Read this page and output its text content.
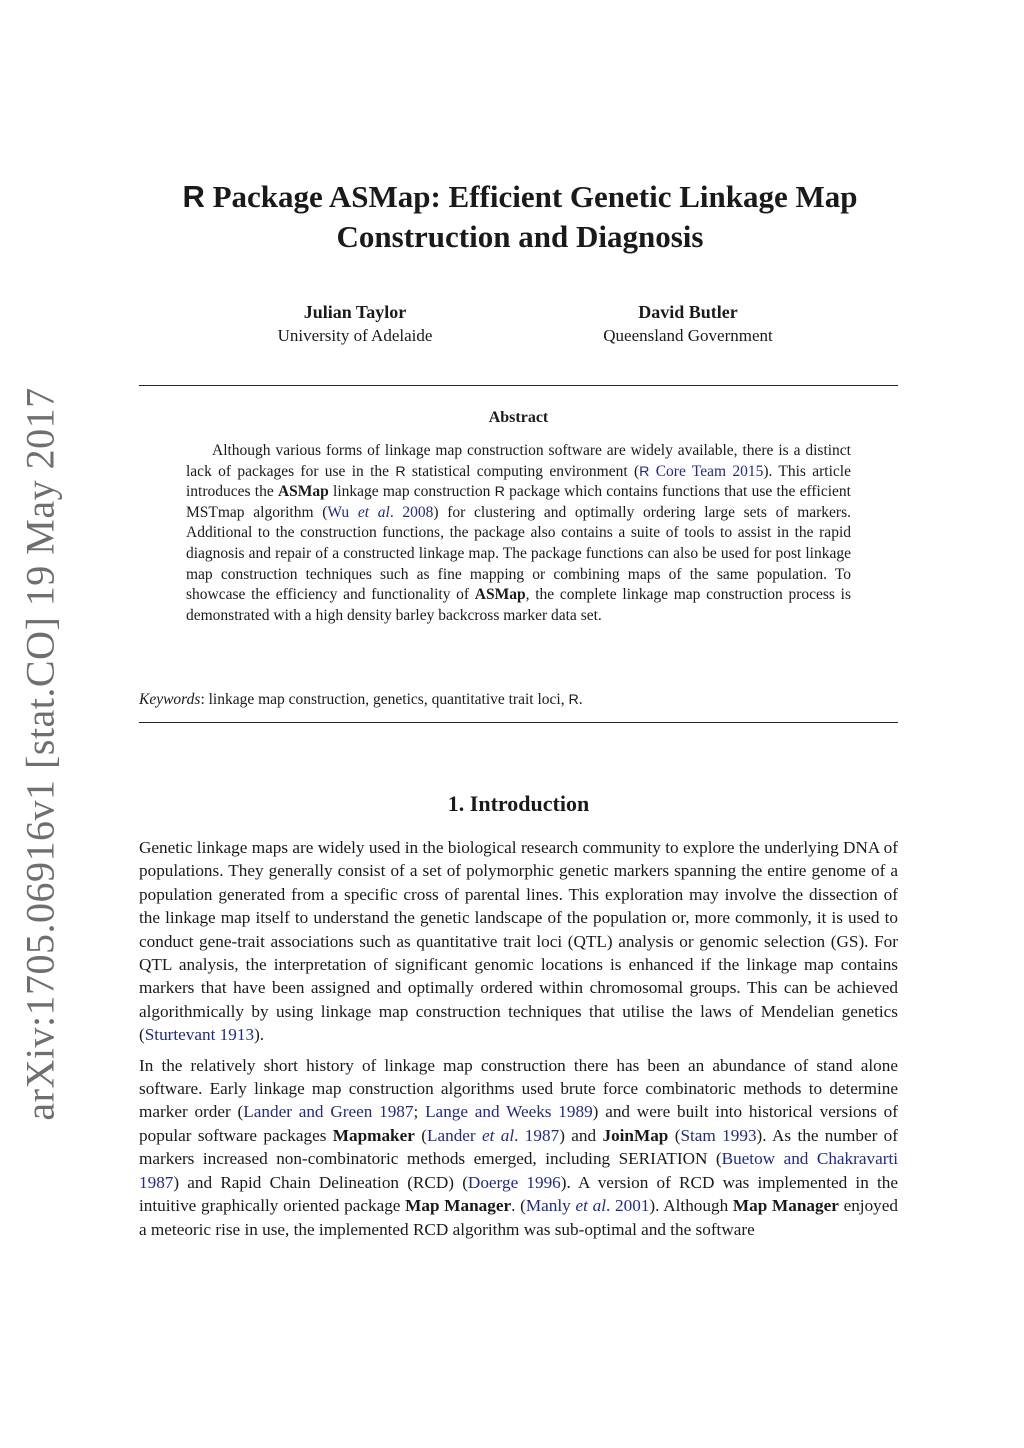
arXiv:1705.06916v1 [stat.CO] 19 May 2017
R Package ASMap: Efficient Genetic Linkage Map
Construction and Diagnosis
Julian Taylor
University of Adelaide
David Butler
Queensland Government
Abstract

Although various forms of linkage map construction software are widely available, there is a distinct lack of packages for use in the R statistical computing environment (R Core Team 2015). This article introduces the ASMap linkage map construction R package which contains functions that use the efficient MSTmap algorithm (Wu et al. 2008) for clustering and optimally ordering large sets of markers. Additional to the construction functions, the package also contains a suite of tools to assist in the rapid diagnosis and repair of a constructed linkage map. The package functions can also be used for post linkage map construction techniques such as fine mapping or combining maps of the same population. To showcase the efficiency and functionality of ASMap, the complete linkage map construction process is demonstrated with a high density barley backcross marker data set.

Keywords: linkage map construction, genetics, quantitative trait loci, R.
1. Introduction

Genetic linkage maps are widely used in the biological research community to explore the underlying DNA of populations. They generally consist of a set of polymorphic genetic markers spanning the entire genome of a population generated from a specific cross of parental lines. This exploration may involve the dissection of the linkage map itself to understand the genetic landscape of the population or, more commonly, it is used to conduct gene-trait associations such as quantitative trait loci (QTL) analysis or genomic selection (GS). For QTL analysis, the interpretation of significant genomic locations is enhanced if the linkage map contains markers that have been assigned and optimally ordered within chromosomal groups. This can be achieved algorithmically by using linkage map construction techniques that utilise the laws of Mendelian genetics (Sturtevant 1913).

In the relatively short history of linkage map construction there has been an abundance of stand alone software. Early linkage map construction algorithms used brute force combinatoric methods to determine marker order (Lander and Green 1987; Lange and Weeks 1989) and were built into historical versions of popular software packages Mapmaker (Lander et al. 1987) and JoinMap (Stam 1993). As the number of markers increased non-combinatoric methods emerged, including SERIATION (Buetow and Chakravarti 1987) and Rapid Chain Delineation (RCD) (Doerge 1996). A version of RCD was implemented in the intuitive graphically oriented package Map Manager. (Manly et al. 2001). Although Map Manager enjoyed a meteoric rise in use, the implemented RCD algorithm was sub-optimal and the software
